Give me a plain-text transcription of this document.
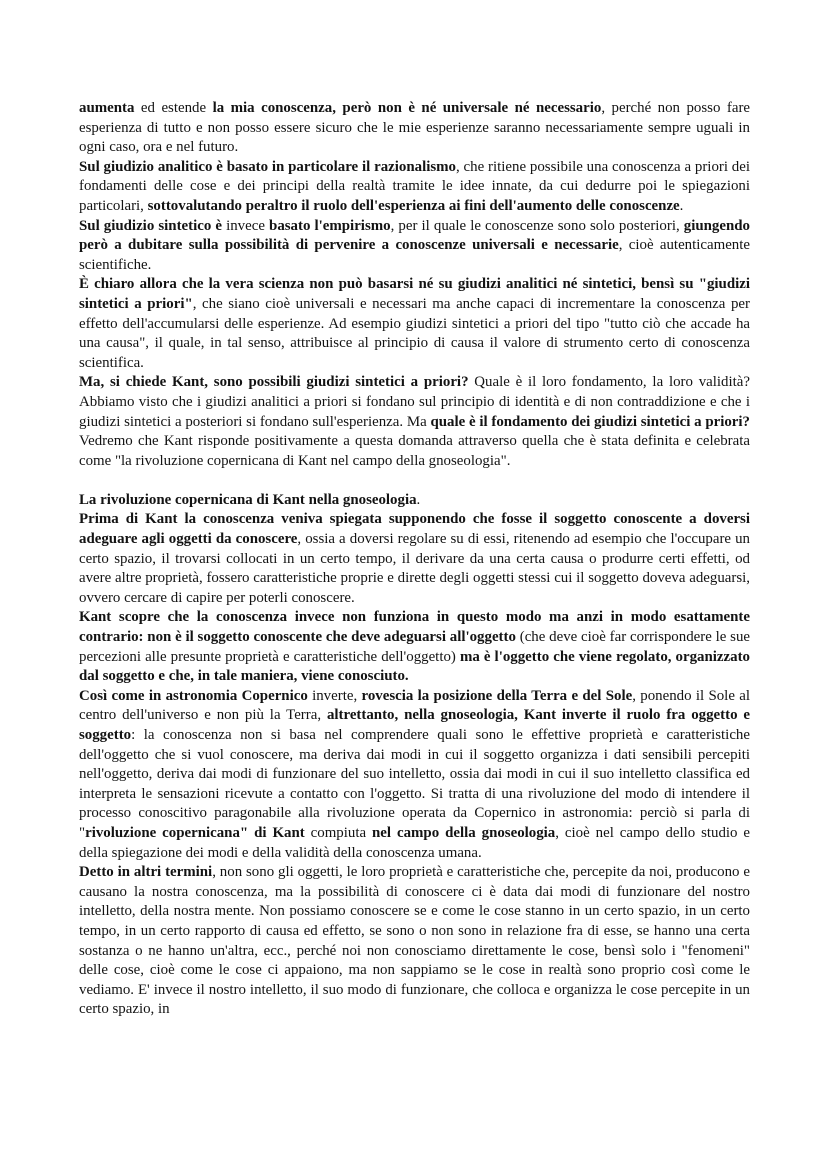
aumenta ed estende la mia conoscenza, però non è né universale né necessario, perché non posso fare esperienza di tutto e non posso essere sicuro che le mie esperienze saranno necessariamente sempre uguali in ogni caso, ora e nel futuro.

Sul giudizio analitico è basato in particolare il razionalismo, che ritiene possibile una conoscenza a priori dei fondamenti delle cose e dei principi della realtà tramite le idee innate, da cui dedurre poi le spiegazioni particolari, sottovalutando peraltro il ruolo dell'esperienza ai fini dell'aumento delle conoscenze.

Sul giudizio sintetico è invece basato l'empirismo, per il quale le conoscenze sono solo posteriori, giungendo però a dubitare sulla possibilità di pervenire a conoscenze universali e necessarie, cioè autenticamente scientifiche.

È chiaro allora che la vera scienza non può basarsi né su giudizi analitici né sintetici, bensì su "giudizi sintetici a priori", che siano cioè universali e necessari ma anche capaci di incrementare la conoscenza per effetto dell'accumularsi delle esperienze. Ad esempio giudizi sintetici a priori del tipo "tutto ciò che accade ha una causa", il quale, in tal senso, attribuisce al principio di causa il valore di strumento certo di conoscenza scientifica.

Ma, si chiede Kant, sono possibili giudizi sintetici a priori? Quale è il loro fondamento, la loro validità? Abbiamo visto che i giudizi analitici a priori si fondano sul principio di identità e di non contraddizione e che i giudizi sintetici a posteriori si fondano sull'esperienza. Ma quale è il fondamento dei giudizi sintetici a priori? Vedremo che Kant risponde positivamente a questa domanda attraverso quella che è stata definita e celebrata come "la rivoluzione copernicana di Kant nel campo della gnoseologia".

La rivoluzione copernicana di Kant nella gnoseologia.

Prima di Kant la conoscenza veniva spiegata supponendo che fosse il soggetto conoscente a doversi adeguare agli oggetti da conoscere, ossia a doversi regolare su di essi, ritenendo ad esempio che l'occupare un certo spazio, il trovarsi collocati in un certo tempo, il derivare da una certa causa o produrre certi effetti, od avere altre proprietà, fossero caratteristiche proprie e dirette degli oggetti stessi cui il soggetto doveva adeguarsi, ovvero cercare di capire per poterli conoscere.

Kant scopre che la conoscenza invece non funziona in questo modo ma anzi in modo esattamente contrario: non è il soggetto conoscente che deve adeguarsi all'oggetto (che deve cioè far corrispondere le sue percezioni alle presunte proprietà e caratteristiche dell'oggetto) ma è l'oggetto che viene regolato, organizzato dal soggetto e che, in tale maniera, viene conosciuto.

Così come in astronomia Copernico inverte, rovescia la posizione della Terra e del Sole, ponendo il Sole al centro dell'universo e non più la Terra, altrettanto, nella gnoseologia, Kant inverte il ruolo fra oggetto e soggetto: la conoscenza non si basa nel comprendere quali sono le effettive proprietà e caratteristiche dell'oggetto che si vuol conoscere, ma deriva dai modi in cui il soggetto organizza i dati sensibili percepiti nell'oggetto, deriva dai modi di funzionare del suo intelletto, ossia dai modi in cui il suo intelletto classifica ed interpreta le sensazioni ricevute a contatto con l'oggetto. Si tratta di una rivoluzione del modo di intendere il processo conoscitivo paragonabile alla rivoluzione operata da Copernico in astronomia: perciò si parla di "rivoluzione copernicana" di Kant compiuta nel campo della gnoseologia, cioè nel campo dello studio e della spiegazione dei modi e della validità della conoscenza umana.

Detto in altri termini, non sono gli oggetti, le loro proprietà e caratteristiche che, percepite da noi, producono e causano la nostra conoscenza, ma la possibilità di conoscere ci è data dai modi di funzionare del nostro intelletto, della nostra mente. Non possiamo conoscere se e come le cose stanno in un certo spazio, in un certo tempo, in un certo rapporto di causa ed effetto, se sono o non sono in relazione fra di esse, se hanno una certa sostanza o ne hanno un'altra, ecc., perché noi non conosciamo direttamente le cose, bensì solo i "fenomeni" delle cose, cioè come le cose ci appaiono, ma non sappiamo se le cose in realtà sono proprio così come le vediamo. E' invece il nostro intelletto, il suo modo di funzionare, che colloca e organizza le cose percepite in un certo spazio, in
